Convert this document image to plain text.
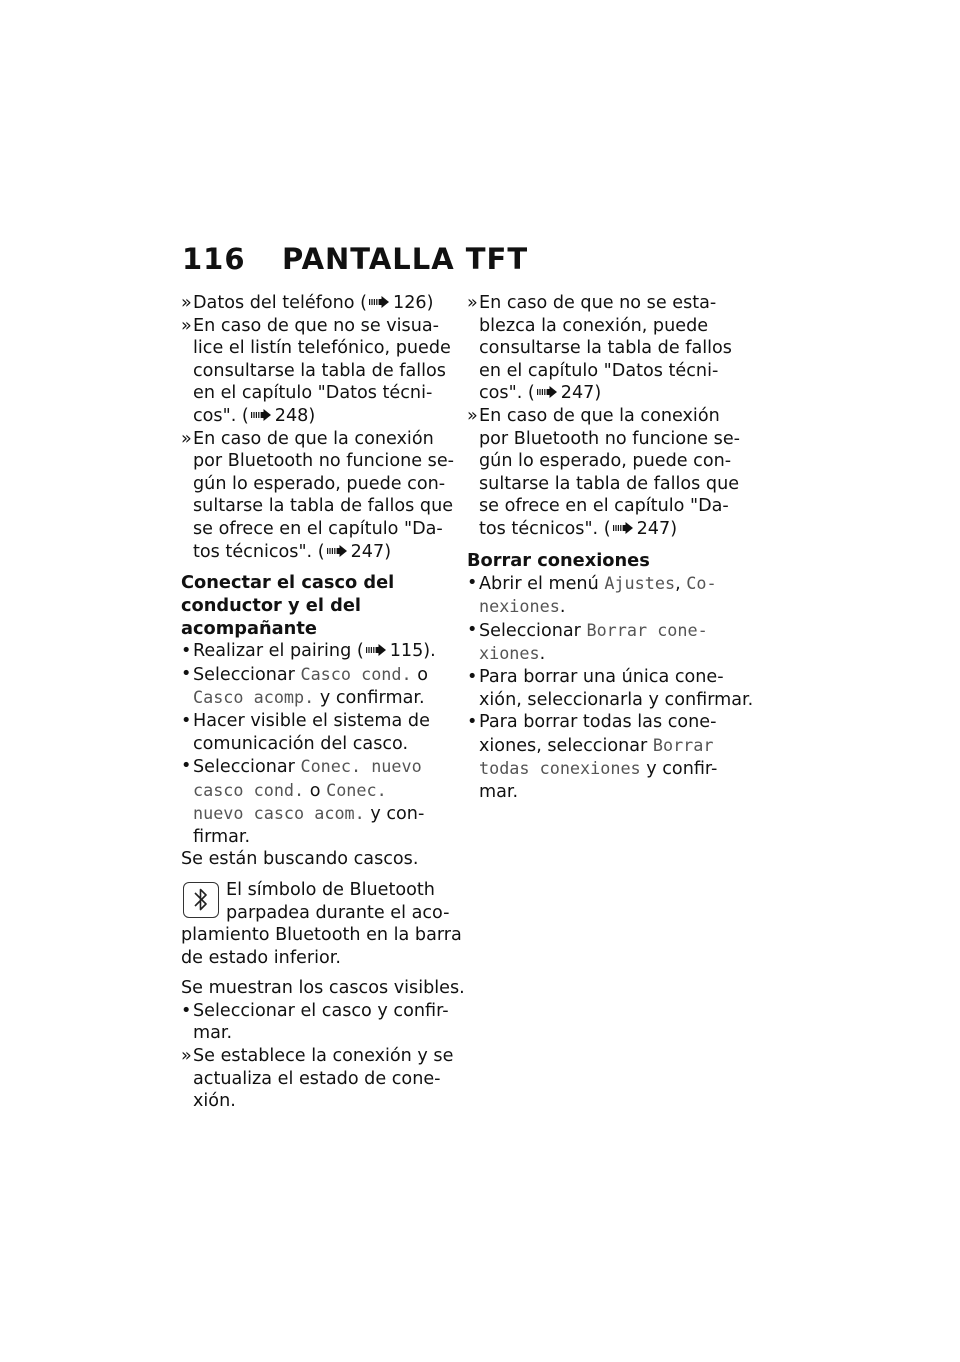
116 PANTALLA TFT
» Datos del teléfono ( 126)
» En caso de que no se visua-
lice el listín telefónico, puede
consultarse la tabla de fallos
en el capítulo "Datos técni-
cos". ( 248)
» En caso de que la conexión
por Bluetooth no funcione se-
gún lo esperado, puede con-
sultarse la tabla de fallos que
se ofrece en el capítulo "Da-
tos técnicos". ( 247)
Conectar el casco del
conductor y el del
acompañante
• Realizar el pairing ( 115).
• Seleccionar Casco cond. o
Casco acomp. y confirmar.
• Hacer visible el sistema de
comunicación del casco.
• Seleccionar Conec. nuevo
casco cond. o Conec.
nuevo casco acom. y con-
firmar.
Se están buscando cascos.
El símbolo de Bluetooth
parpadea durante el aco-
plamiento Bluetooth en la barra
de estado inferior.
Se muestran los cascos visibles.
• Seleccionar el casco y confir-
mar.
» Se establece la conexión y se
actualiza el estado de cone-
xión.
» En caso de que no se esta-
blezca la conexión, puede
consultarse la tabla de fallos
en el capítulo "Datos técni-
cos". ( 247)
» En caso de que la conexión
por Bluetooth no funcione se-
gún lo esperado, puede con-
sultarse la tabla de fallos que
se ofrece en el capítulo "Da-
tos técnicos". ( 247)
Borrar conexiones
• Abrir el menú Ajustes, Co-
nexiones.
• Seleccionar Borrar cone-
xiones.
• Para borrar una única cone-
xión, seleccionarla y confirmar.
• Para borrar todas las cone-
xiones, seleccionar Borrar
todas conexiones y confir-
mar.
